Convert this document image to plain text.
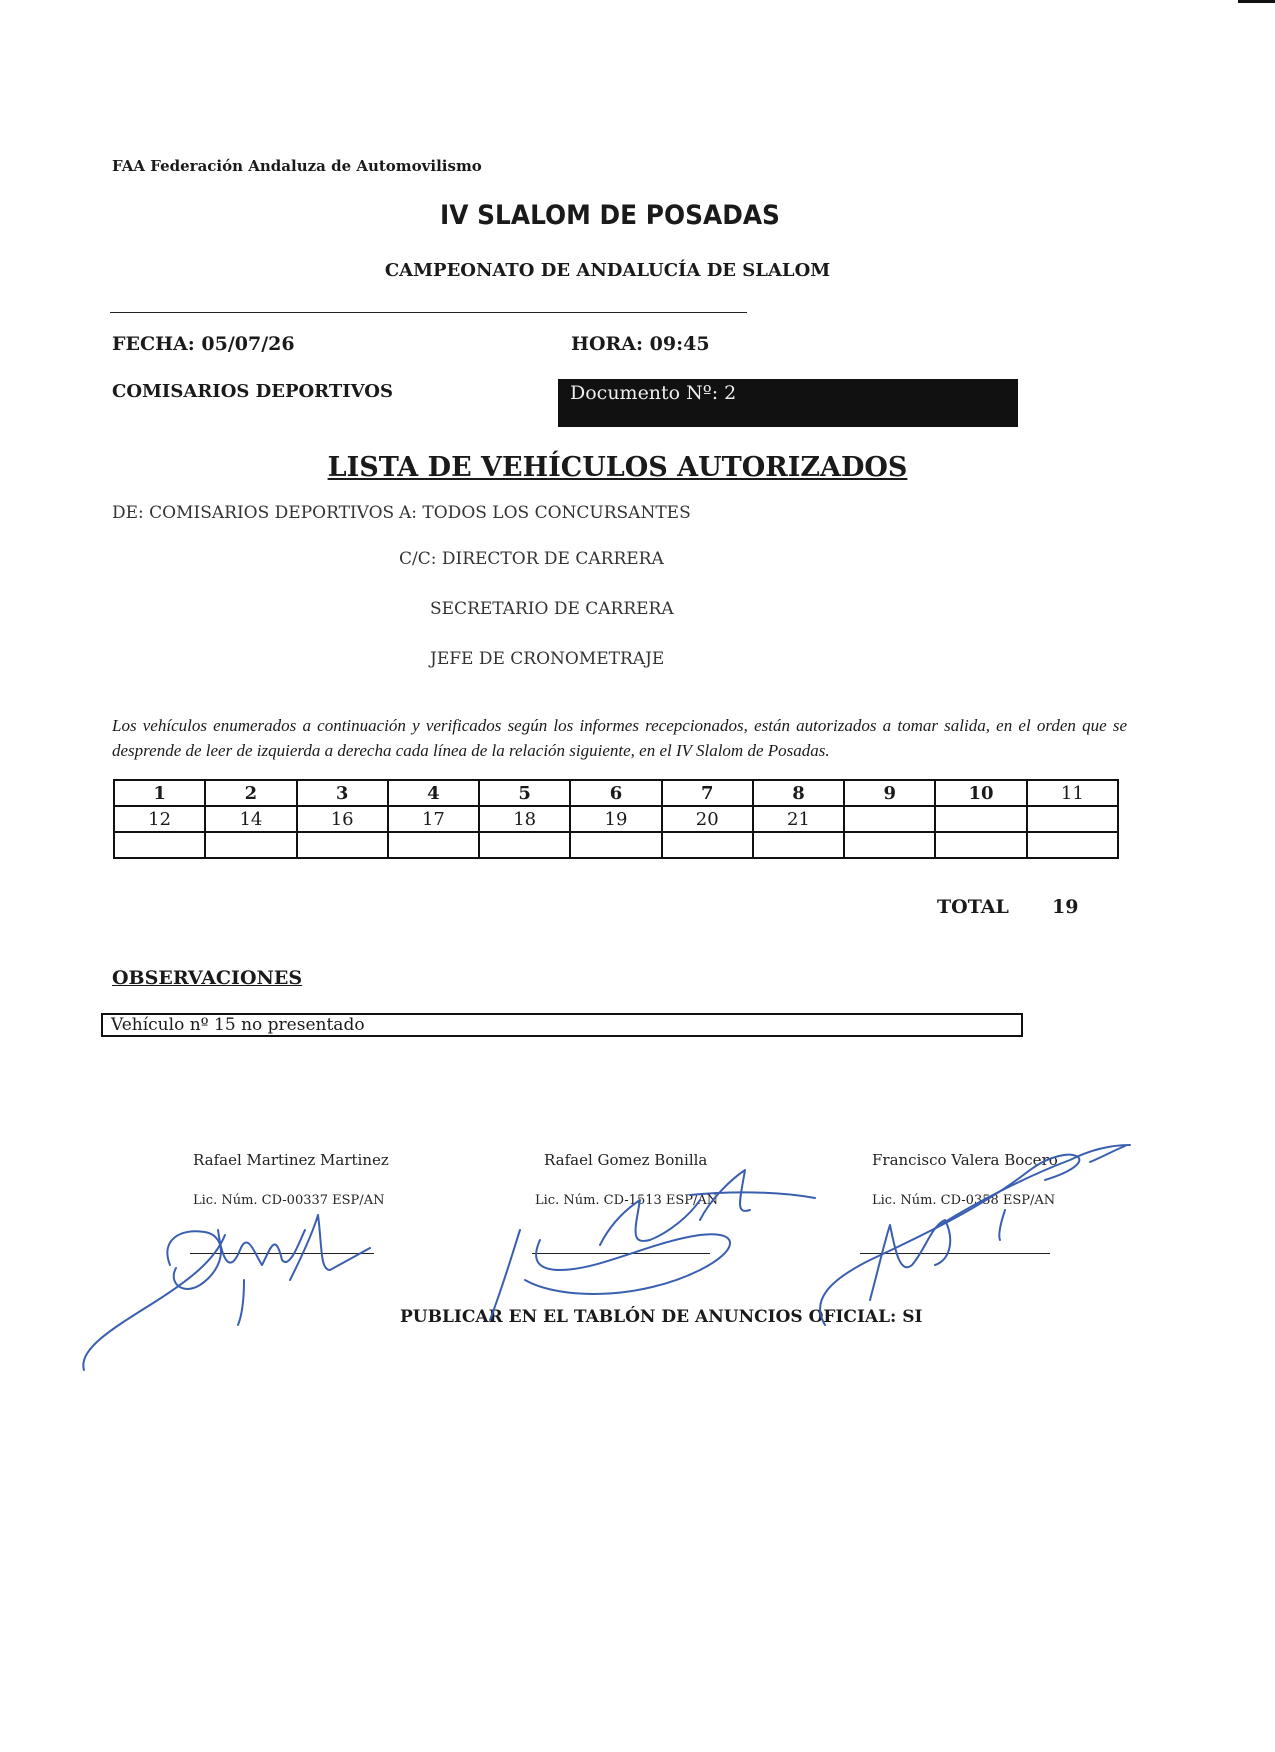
FAA Federación Andaluza de Automovilismo
IV SLALOM DE POSADAS
CAMPEONATO DE ANDALUCÍA DE SLALOM
FECHA: 05/07/26	HORA: 09:45
COMISARIOS DEPORTIVOS	Documento Nº: 2
LISTA DE VEHÍCULOS AUTORIZADOS
DE: COMISARIOS DEPORTIVOS A: TODOS LOS CONCURSANTES
C/C: DIRECTOR DE CARRERA
SECRETARIO DE CARRERA
JEFE DE CRONOMETRAJE
Los vehículos enumerados a continuación y verificados según los informes recepcionados, están autorizados a tomar salida, en el orden que se desprende de leer de izquierda a derecha cada línea de la relación siguiente, en el IV Slalom de Posadas.
1	2	3	4	5	6	7	8	9	10	11
12	14	16	17	18	19	20	21			

TOTAL 19
OBSERVACIONES
Vehículo nº 15 no presentado
Rafael Martinez Martinez
Lic. Núm. CD-00337 ESP/AN
Rafael Gomez Bonilla
Lic. Núm. CD-1513 ESP/AN
Francisco Valera Bocero
Lic. Núm. CD-0358 ESP/AN
PUBLICAR EN EL TABLÓN DE ANUNCIOS OFICIAL: SI
